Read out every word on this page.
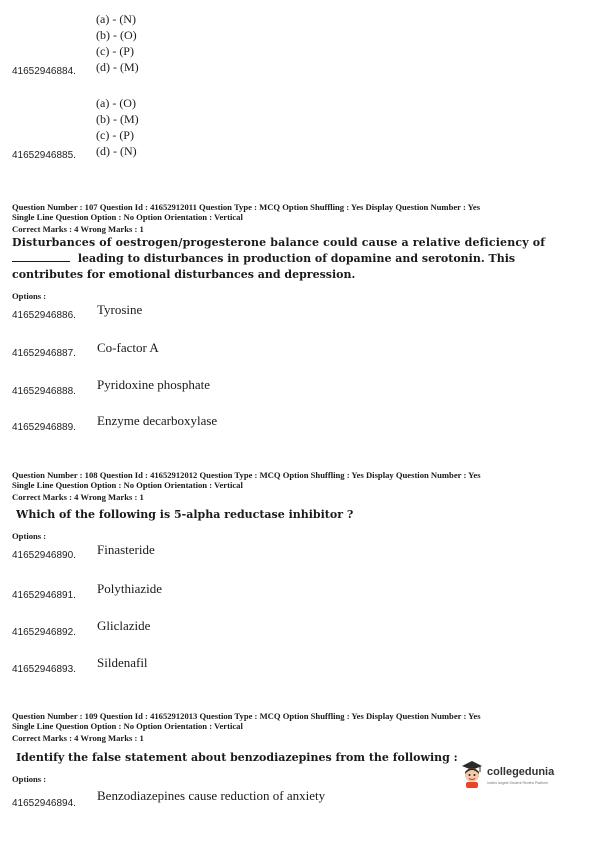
(a) - (N)
(b) - (O)
(c) - (P)
41652946884. (d) - (M)
(a) - (O)
(b) - (M)
(c) - (P)
41652946885. (d) - (N)
Question Number : 107 Question Id : 41652912011 Question Type : MCQ Option Shuffling : Yes Display Question Number : Yes
Single Line Question Option : No Option Orientation : Vertical
Correct Marks : 4 Wrong Marks : 1
Disturbances of oestrogen/progesterone balance could cause a relative deficiency of
leading to disturbances in production of dopamine and serotonin. This
contributes for emotional disturbances and depression.
Options :
41652946886. Tyrosine
41652946887. Co-factor A
41652946888. Pyridoxine phosphate
41652946889. Enzyme decarboxylase
Question Number : 108 Question Id : 41652912012 Question Type : MCQ Option Shuffling : Yes Display Question Number : Yes
Single Line Question Option : No Option Orientation : Vertical
Correct Marks : 4 Wrong Marks : 1
Which of the following is 5-alpha reductase inhibitor ?
Options :
41652946890. Finasteride
41652946891. Polythiazide
41652946892. Gliclazide
41652946893. Sildenafil
Question Number : 109 Question Id : 41652912013 Question Type : MCQ Option Shuffling : Yes Display Question Number : Yes
Single Line Question Option : No Option Orientation : Vertical
Correct Marks : 4 Wrong Marks : 1
Identify the false statement about benzodiazepines from the following :
Options :
41652946894.
Benzodiazepines cause reduction of anxiety
collegedunia
India's largest Student Review Platform
